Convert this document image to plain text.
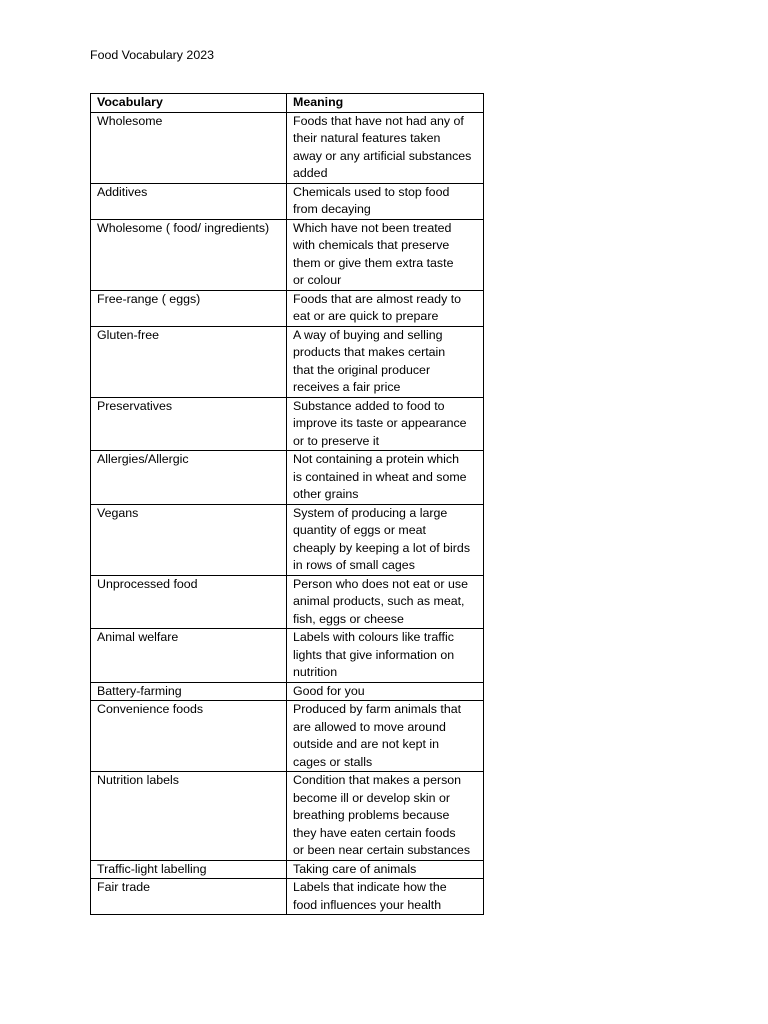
Food Vocabulary 2023
Vocabulary	Meaning

Wholesome	Foods that have not had any of
their natural features taken
away or any artificial substances
added

Additives	Chemicals used to stop food
from decaying

Wholesome ( food/ ingredients)	Which have not been treated
with chemicals that preserve
them or give them extra taste
or colour

Free-range ( eggs)	Foods that are almost ready to
eat or are quick to prepare

Gluten-free	A way of buying and selling
products that makes certain
that the original producer
receives a fair price

Preservatives	Substance added to food to
improve its taste or appearance
or to preserve it

Allergies/Allergic	Not containing a protein which
is contained in wheat and some
other grains

Vegans	System of producing a large
quantity of eggs or meat
cheaply by keeping a lot of birds
in rows of small cages

Unprocessed food	Person who does not eat or use
animal products, such as meat,
fish, eggs or cheese

Animal welfare	Labels with colours like traffic
lights that give information on
nutrition

Battery-farming	Good for you

Convenience foods	Produced by farm animals that
are allowed to move around
outside and are not kept in
cages or stalls

Nutrition labels	Condition that makes a person
become ill or develop skin or
breathing problems because
they have eaten certain foods
or been near certain substances

Traffic-light labelling	Taking care of animals

Fair trade	Labels that indicate how the
food influences your health
